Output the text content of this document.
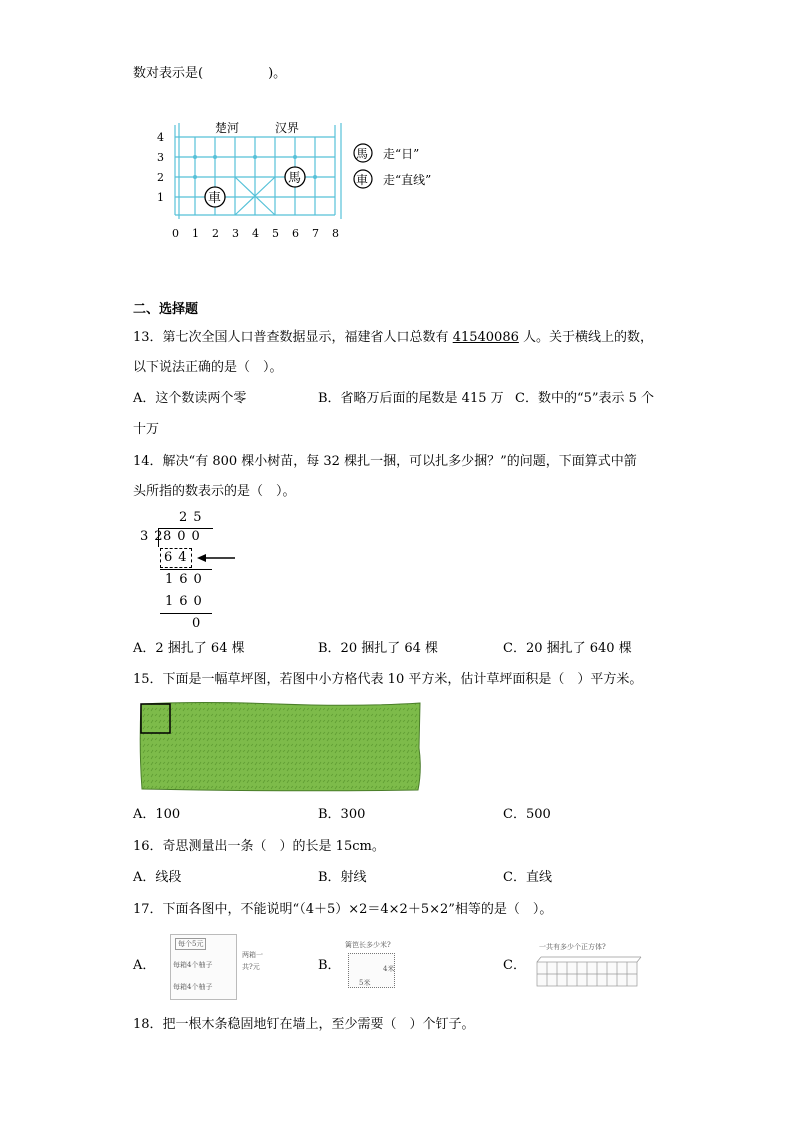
数对表示是(　　　　　)。
楚河	汉界
4
3
2
1
0 1 2 3 4 5 6 7 8
車
馬
馬 走“日”
車 走“直线”
二、选择题
13．第七次全国人口普查数据显示，福建省人口总数有 41540086 人。关于横线上的数，
以下说法正确的是（　）。
A．这个数读两个零	B．省略万后面的尾数是 415 万 C．数中的“5”表示 5 个
十万
14．解决“有 800 棵小树苗，每 32 棵扎一捆，可以扎多少捆？”的问题，下面算式中箭
头所指的数表示的是（　）。
25
32
800
64
160
160
0
A．2 捆扎了 64 棵	B．20 捆扎了 64 棵	C．20 捆扎了 640 棵
15．下面是一幅草坪图，若图中小方格代表 10 平方米，估计草坪面积是（　）平方米。
A．100	B．300	C．500
16．奇思测量出一条（　）的长是 15cm。
A．线段	B．射线	C．直线
17．下面各图中，不能说明“（4＋5）×2＝4×2＋5×2”相等的是（　）。
A．
每个5元
每箱4个柚子
每箱4个柚子
两箱一
共?元	B．
篱笆长多少米?
4米
5米
C．
一共有多少个正方体?
18．把一根木条稳固地钉在墙上，至少需要（　）个钉子。
